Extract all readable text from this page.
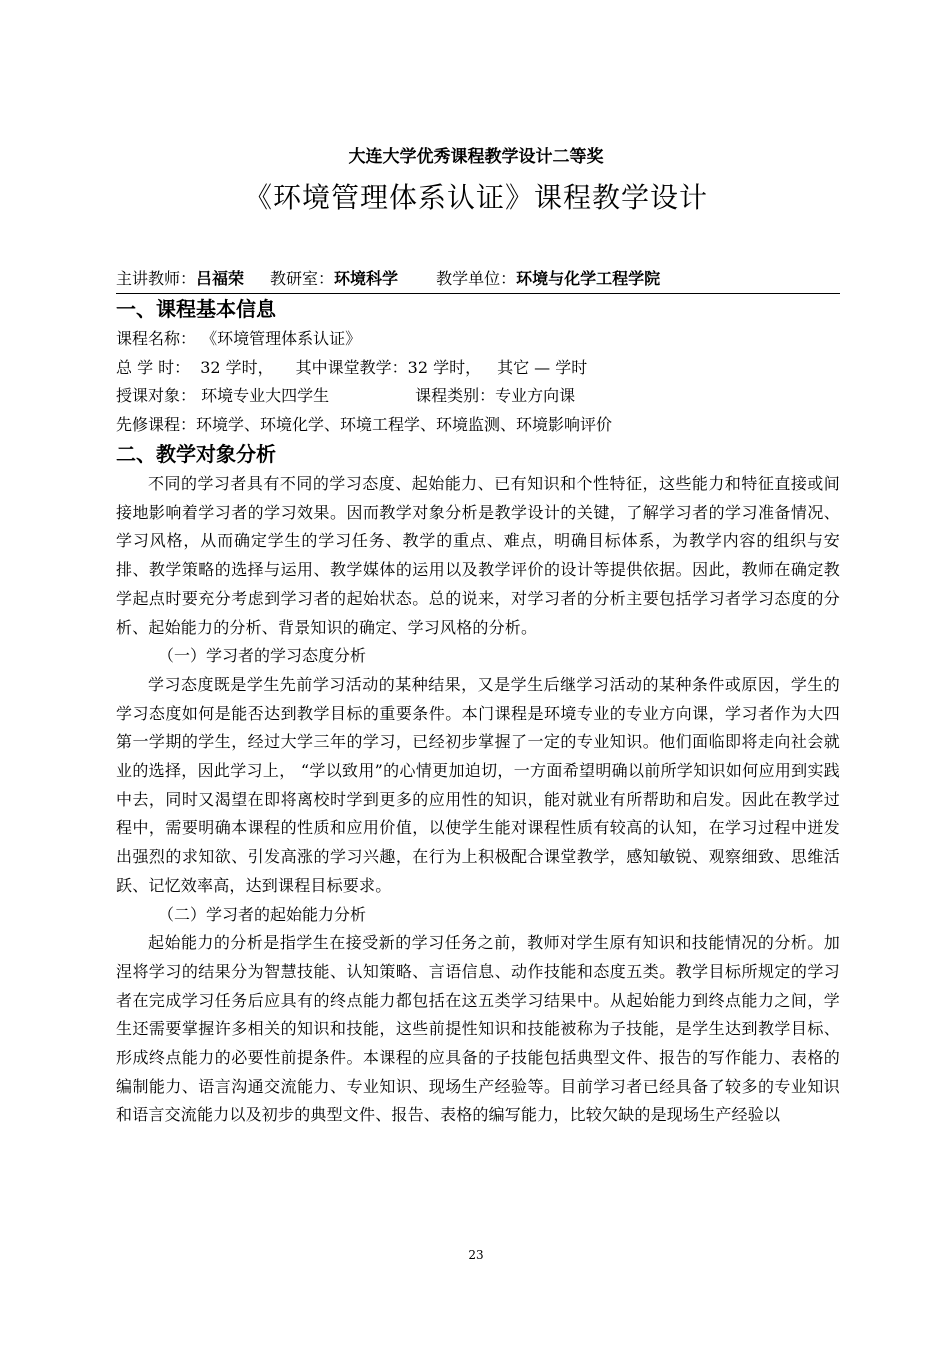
大连大学优秀课程教学设计二等奖
《环境管理体系认证》课程教学设计
主讲教师：吕福荣 教研室：环境科学 教学单位：环境与化学工程学院
一、课程基本信息
课程名称： 《环境管理体系认证》
总 学 时： 32 学时， 其中课堂教学：32 学时， 其它 — 学时
授课对象： 环境专业大四学生	课程类别：专业方向课
先修课程：环境学、环境化学、环境工程学、环境监测、环境影响评价
二、教学对象分析

不同的学习者具有不同的学习态度、起始能力、已有知识和个性特征，这些能力和特征直接或间接地影响着学习者的学习效果。因而教学对象分析是教学设计的关键，了解学习者的学习准备情况、学习风格，从而确定学生的学习任务、教学的重点、难点，明确目标体系，为教学内容的组织与安排、教学策略的选择与运用、教学媒体的运用以及教学评价的设计等提供依据。因此，教师在确定教学起点时要充分考虑到学习者的起始状态。总的说来，对学习者的分析主要包括学习者学习态度的分析、起始能力的分析、背景知识的确定、学习风格的分析。

（一）学习者的学习态度分析

学习态度既是学生先前学习活动的某种结果，又是学生后继学习活动的某种条件或原因，学生的学习态度如何是能否达到教学目标的重要条件。本门课程是环境专业的专业方向课，学习者作为大四第一学期的学生，经过大学三年的学习，已经初步掌握了一定的专业知识。他们面临即将走向社会就业的选择，因此学习上， “学以致用”的心情更加迫切，一方面希望明确以前所学知识如何应用到实践中去，同时又渴望在即将离校时学到更多的应用性的知识，能对就业有所帮助和启发。因此在教学过程中，需要明确本课程的性质和应用价值，以使学生能对课程性质有较高的认知，在学习过程中迸发出强烈的求知欲、引发高涨的学习兴趣，在行为上积极配合课堂教学，感知敏锐、观察细致、思维活跃、记忆效率高，达到课程目标要求。

（二）学习者的起始能力分析

起始能力的分析是指学生在接受新的学习任务之前，教师对学生原有知识和技能情况的分析。加涅将学习的结果分为智慧技能、认知策略、言语信息、动作技能和态度五类。教学目标所规定的学习者在完成学习任务后应具有的终点能力都包括在这五类学习结果中。从起始能力到终点能力之间，学生还需要掌握许多相关的知识和技能，这些前提性知识和技能被称为子技能，是学生达到教学目标、形成终点能力的必要性前提条件。本课程的应具备的子技能包括典型文件、报告的写作能力、表格的编制能力、语言沟通交流能力、专业知识、现场生产经验等。目前学习者已经具备了较多的专业知识和语言交流能力以及初步的典型文件、报告、表格的编写能力，比较欠缺的是现场生产经验以

23
